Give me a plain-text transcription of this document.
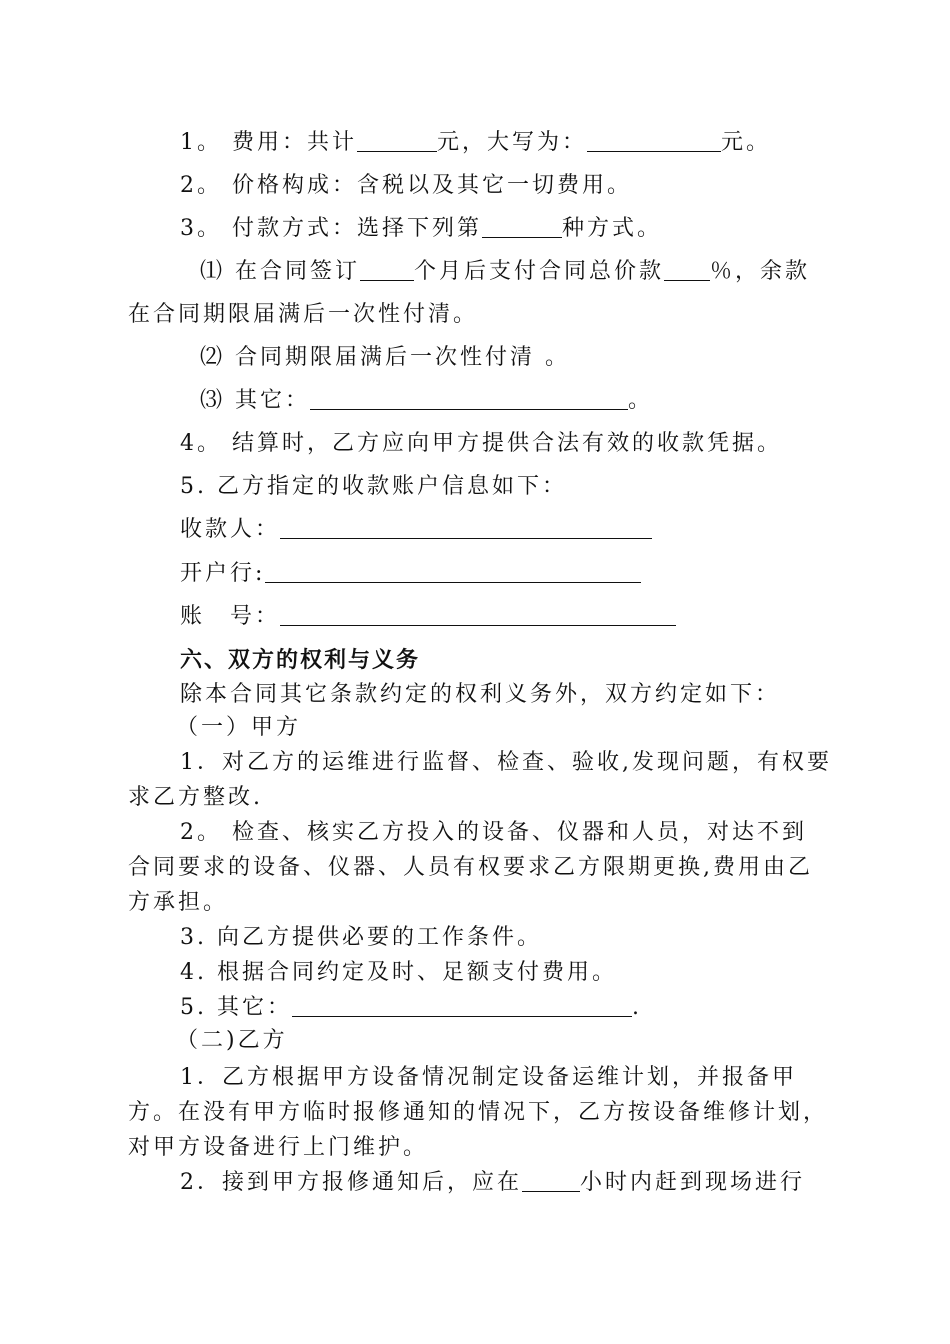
1。 费用：共计	元，大写为：	元。
2。 价格构成：含税以及其它一切费用。
3。 付款方式：选择下列第	种方式。
⑴ 在合同签订 个月后支付合同总价款 ％，余款
在合同期限届满后一次性付清。
⑵ 合同期限届满后一次性付清 。
⑶ 其它：	。
4。 结算时，乙方应向甲方提供合法有效的收款凭据。
5. 乙方指定的收款账户信息如下：
收款人：
开户行:
账　号：
六、双方的权利与义务
除本合同其它条款约定的权利义务外，双方约定如下：
（一）甲方
1．对乙方的运维进行监督、检查、验收,发现问题，有权要
求乙方整改.
2。 检查、核实乙方投入的设备、仪器和人员，对达不到
合同要求的设备、仪器、人员有权要求乙方限期更换,费用由乙
方承担。
3. 向乙方提供必要的工作条件。
4. 根据合同约定及时、足额支付费用。
5. 其它：	.
（二)乙方
1．乙方根据甲方设备情况制定设备运维计划，并报备甲
方。在没有甲方临时报修通知的情况下，乙方按设备维修计划，
对甲方设备进行上门维护。
2．接到甲方报修通知后，应在	小时内赶到现场进行
